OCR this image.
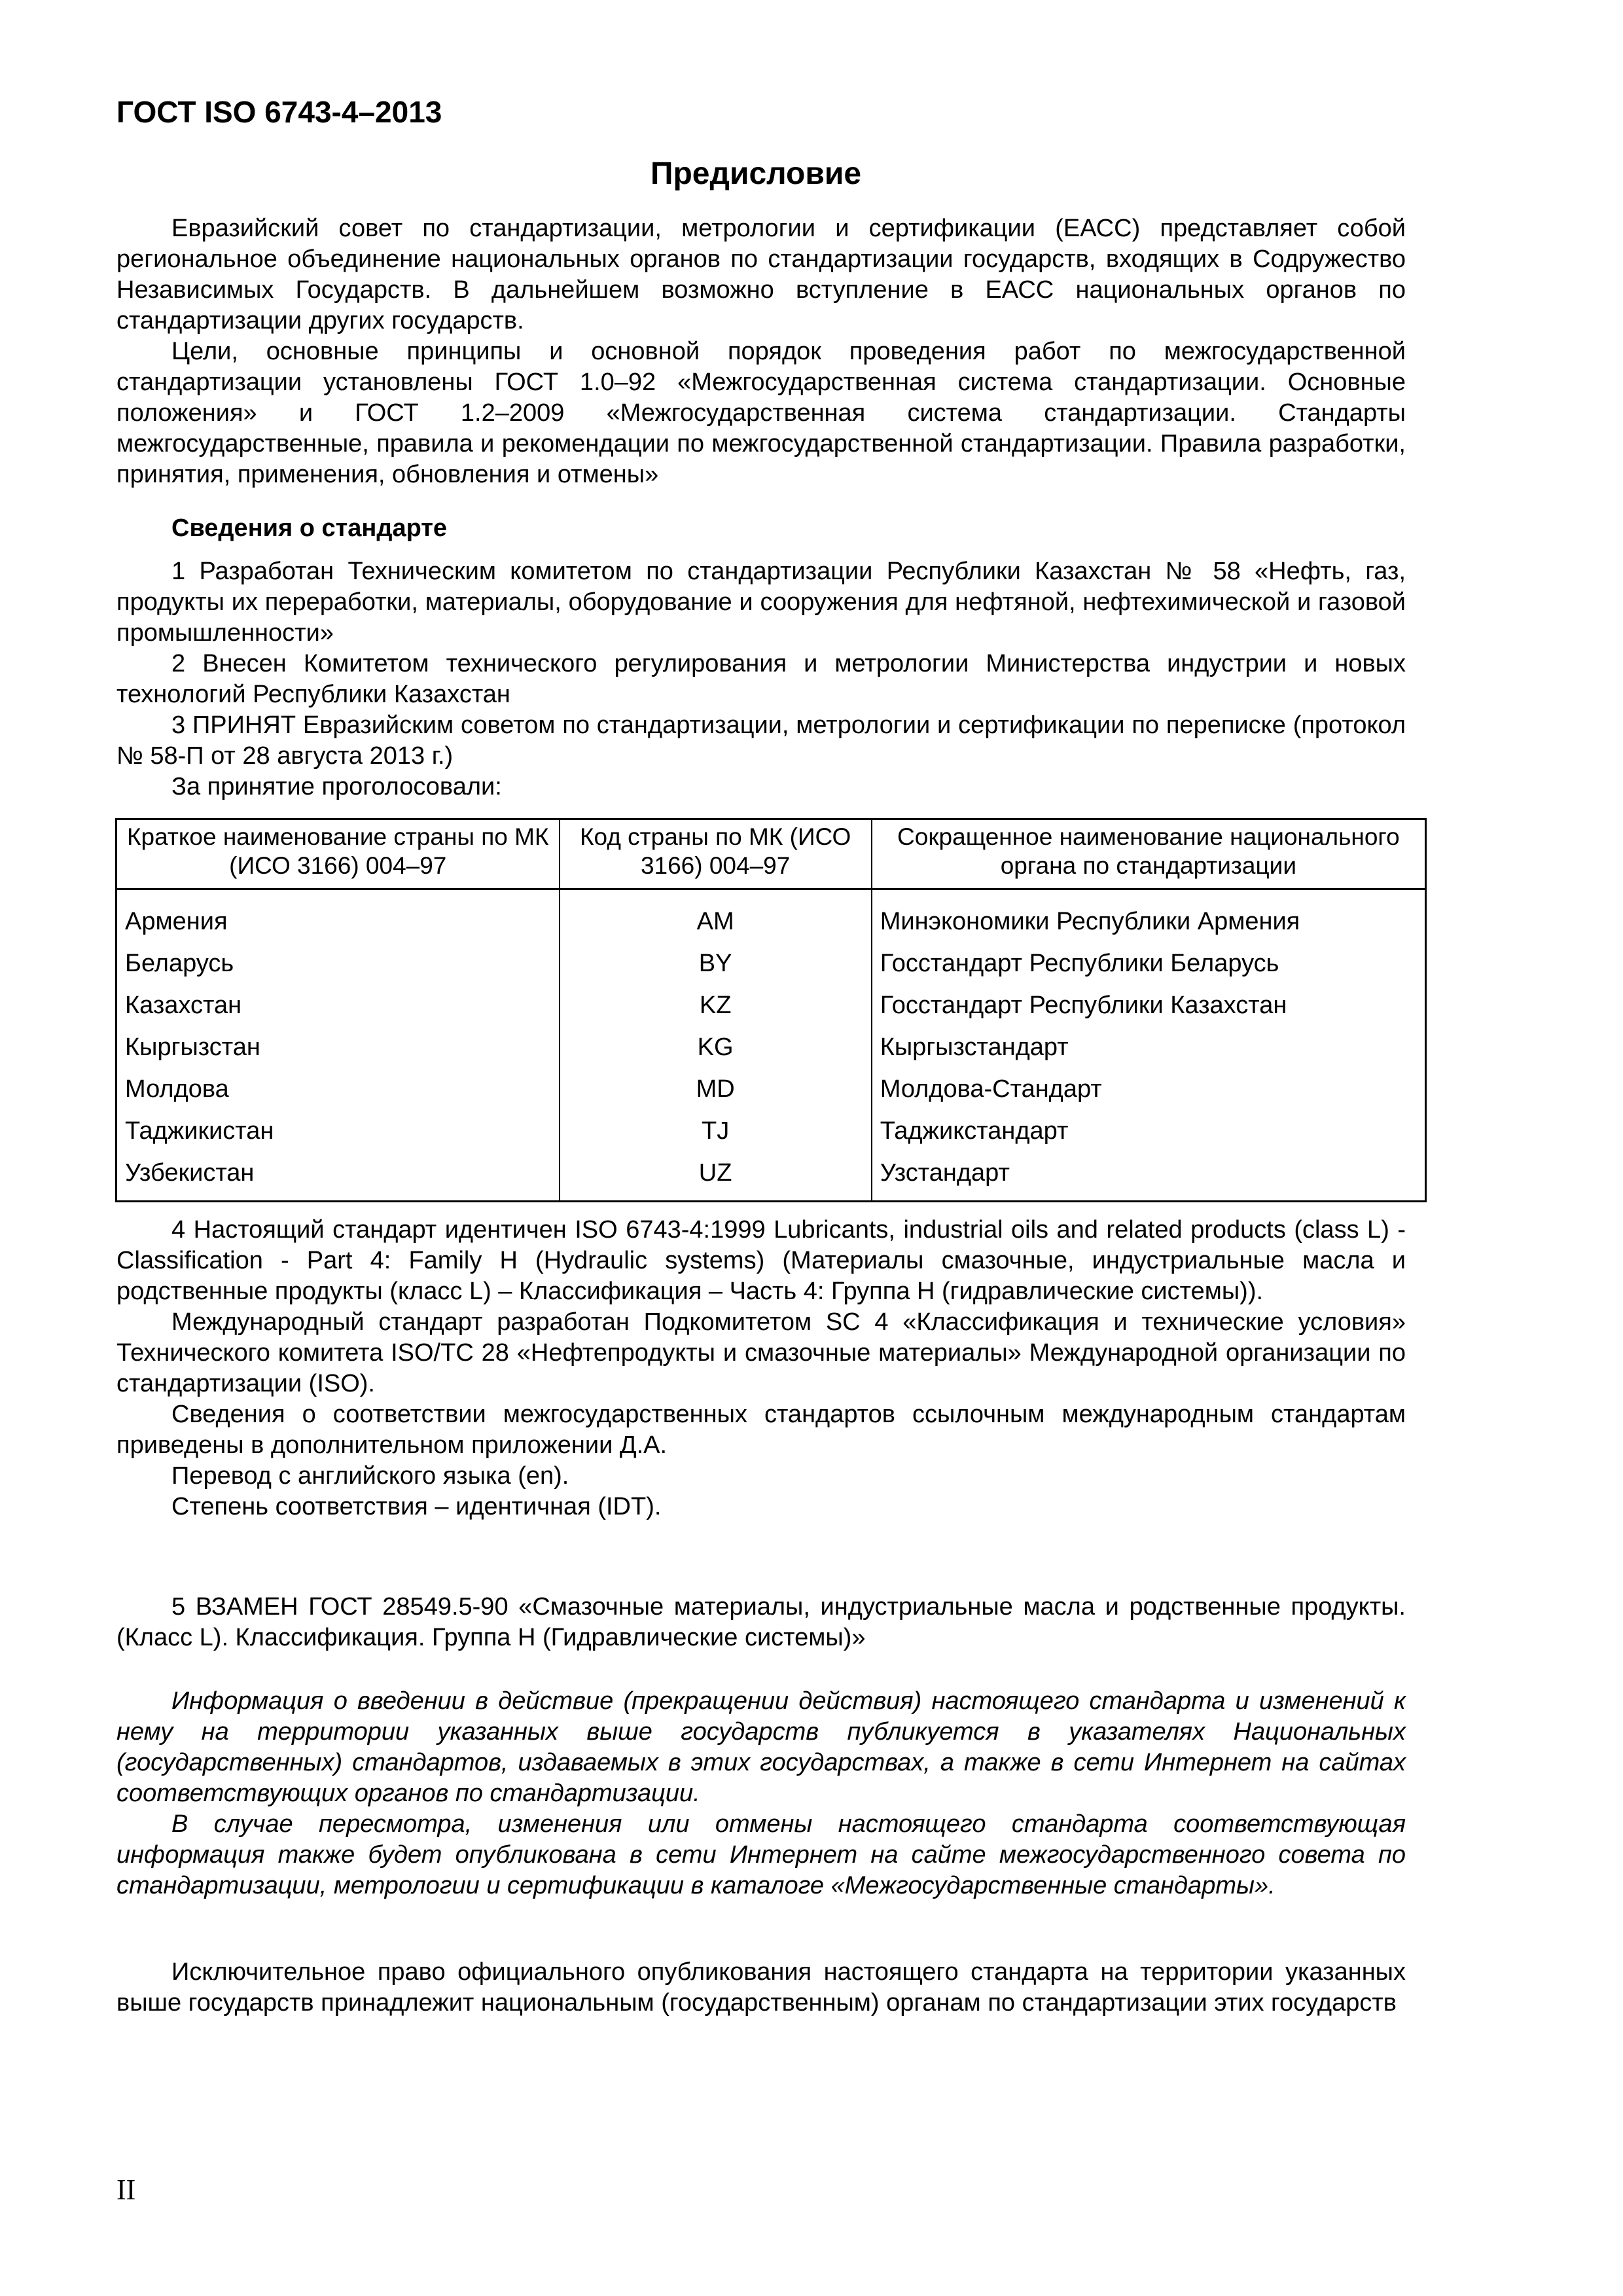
ГОСТ ISO 6743-4–2013
Предисловие

Евразийский совет по стандартизации, метрологии и сертификации (ЕАСС) представляет собой региональное объединение национальных органов по стандартизации государств, входящих в Содружество Независимых Государств. В дальнейшем возможно вступление в ЕАСС национальных органов по стандартизации других государств.

Цели, основные принципы и основной порядок проведения работ по межгосударственной стандартизации установлены ГОСТ 1.0–92 «Межгосударственная система стандартизации. Основные положения» и ГОСТ 1.2–2009 «Межгосударственная система стандартизации. Стандарты межгосударственные, правила и рекомендации по межгосударственной стандартизации. Правила разработки, принятия, применения, обновления и отмены»

Сведения о стандарте

1 Разработан Техническим комитетом по стандартизации Республики Казахстан № 58 «Нефть, газ, продукты их переработки, материалы, оборудование и сооружения для нефтяной, нефтехимической и газовой промышленности»

2 Внесен Комитетом технического регулирования и метрологии Министерства индустрии и новых технологий Республики Казахстан

3 ПРИНЯТ Евразийским советом по стандартизации, метрологии и сертификации по переписке (протокол № 58-П от 28 августа 2013 г.)

За принятие проголосовали:

Краткое наименование страны по МК (ИСО 3166) 004–97	Код страны по МК (ИСО 3166) 004–97	Сокращенное наименование национального органа по стандартизации
Армения	AM	Минэкономики Республики Армения
Беларусь	BY	Госстандарт Республики Беларусь
Казахстан	KZ	Госстандарт Республики Казахстан
Кыргызстан	KG	Кыргызстандарт
Молдова	MD	Молдова-Стандарт
Таджикистан	TJ	Таджикстандарт
Узбекистан	UZ	Узстандарт

4 Настоящий стандарт идентичен ISO 6743-4:1999 Lubricants, industrial oils and related products (class L) - Classification - Part 4: Family H (Hydraulic systems) (Материалы смазочные, индустриальные масла и родственные продукты (класс L) – Классификация – Часть 4: Группа Н (гидравлические системы)).

Международный стандарт разработан Подкомитетом SC 4 «Классификация и технические условия» Технического комитета ISO/TC 28 «Нефтепродукты и смазочные материалы» Международной организации по стандартизации (ISO).

Сведения о соответствии межгосударственных стандартов ссылочным международным стандартам приведены в дополнительном приложении Д.А.

Перевод с английского языка (en).

Степень соответствия – идентичная (IDT).

5 ВЗАМЕН ГОСТ 28549.5-90 «Смазочные материалы, индустриальные масла и родственные продукты. (Класс L). Классификация. Группа Н (Гидравлические системы)»

Информация о введении в действие (прекращении действия) настоящего стандарта и изменений к нему на территории указанных выше государств публикуется в указателях Национальных (государственных) стандартов, издаваемых в этих государствах, а также в сети Интернет на сайтах соответствующих органов по стандартизации.

В случае пересмотра, изменения или отмены настоящего стандарта соответствующая информация также будет опубликована в сети Интернет на сайте межгосударственного совета по стандартизации, метрологии и сертификации в каталоге «Межгосударственные стандарты».

Исключительное право официального опубликования настоящего стандарта на территории указанных выше государств принадлежит национальным (государственным) органам по стандартизации этих государств

II
